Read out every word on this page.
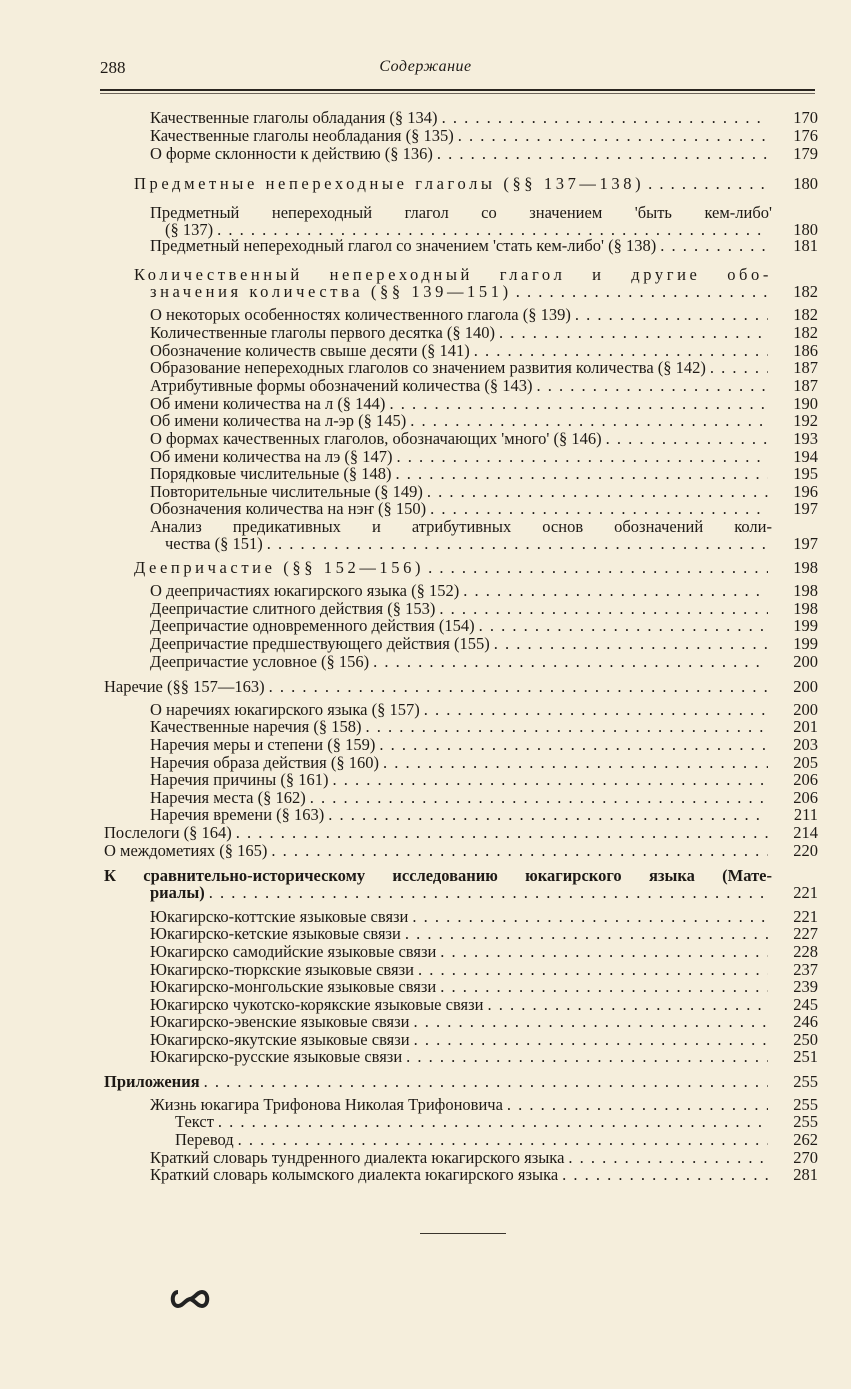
288	Содержание
Качественные глаголы обладания (§ 134) . . .	170
Качественные глаголы необладания (§ 135) . . .	176
О форме склонности к действию (§ 136) . . .	179
Предметные непереходные глаголы (§§ 137—138) . . .	180
Предметный непереходный глагол со значением 'быть кем-либо'
(§ 137) . . .	180
Предметный непереходный глагол со значением 'стать кем-либо' (§ 138) . . .	181
Количественный непереходный глагол и другие обо-
значения количества (§§ 139—151) . . .	182
О некоторых особенностях количественного глагола (§ 139) . . .	182
Количественные глаголы первого десятка (§ 140) . . .	182
Обозначение количеств свыше десяти (§ 141) . . .	186
Образование непереходных глаголов со значением развития количества (§ 142) . . .	187
Атрибутивные формы обозначений количества (§ 143) . . .	187
Об имени количества на л (§ 144) . . .	190
Об имени количества на л-эр (§ 145) . . .	192
О формах качественных глаголов, обозначающих 'много' (§ 146) . . .	193
Об имени количества на лэ (§ 147) . . .	194
Порядковые числительные (§ 148) . . .	195
Повторительные числительные (§ 149) . . .	196
Обозначения количества на нэҥ (§ 150) . . .	197
Анализ предикативных и атрибутивных основ обозначений коли-
чества (§ 151) . . .	197
Деепричастие (§§ 152—156) . . .	198
О деепричастиях юкагирского языка (§ 152) . . .	198
Деепричастие слитного действия (§ 153) . . .	198
Деепричастие одновременного действия (154) . . .	199
Деепричастие предшествующего действия (155) . . .	199
Деепричастие условное (§ 156) . . .	200
Наречие (§§ 157—163) . . .	200
О наречиях юкагирского языка (§ 157) . . .	200
Качественные наречия (§ 158) . . .	201
Наречия меры и степени (§ 159) . . .	203
Наречия образа действия (§ 160) . . .	205
Наречия причины (§ 161) . . .	206
Наречия места (§ 162) . . .	206
Наречия времени (§ 163) . . .	211
Послелоги (§ 164) . . .	214
О междометиях (§ 165) . . .	220
К сравнительно-историческому исследованию юкагирского языка (Мате-
риалы) . . .	221
Юкагирско-коттские языковые связи . . .	221
Юкагирско-кетские языковые связи . . .	227
Юкагирско самодийские языковые связи . . .	228
Юкагирско-тюркские языковые связи . . .	237
Юкагирско-монгольские языковые связи . . .	239
Юкагирско чукотско-корякские языковые связи . . .	245
Юкагирско-эвенские языковые связи . . .	246
Юкагирско-якутские языковые связи . . .	250
Юкагирско-русские языковые связи . . .	251
Приложения . . .	255
Жизнь юкагира Трифонова Николая Трифоновича . . .	255
Текст . . .	255
Перевод . . .	262
Краткий словарь тундренного диалекта юкагирского языка . . .	270
Краткий словарь колымского диалекта юкагирского языка . . .	281
